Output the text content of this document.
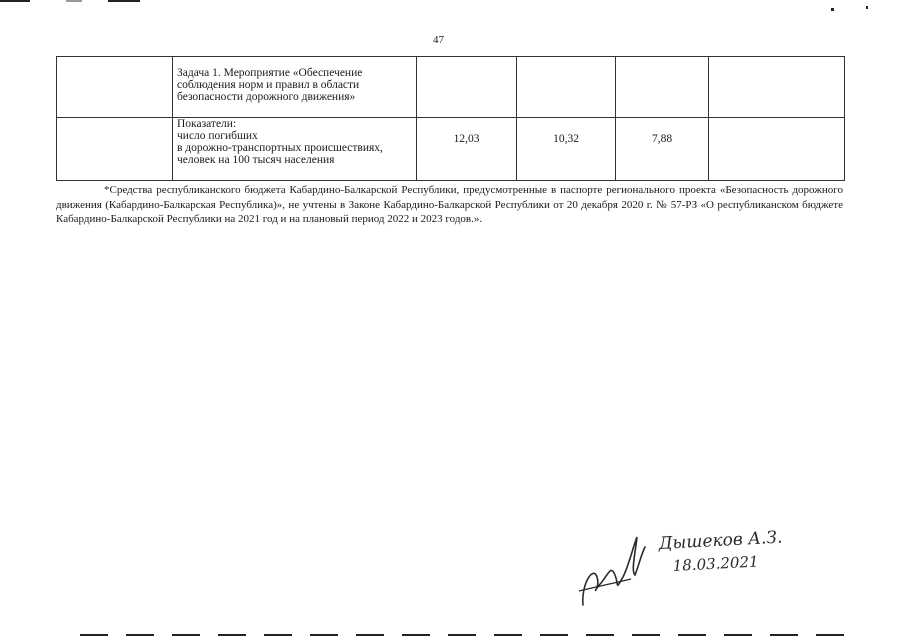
47

	Задача 1. Мероприятие «Обеспечение соблюдения норм и правил в области безопасности дорожного движения»				

	Показатели:
число погибших
в дорожно-транспортных происшествиях,
человек на 100 тысяч населения	12,03	10,32	7,88	
*Средства республиканского бюджета Кабардино-Балкарской Республики, предусмотренные в паспорте регионального проекта «Безопасность дорожного движения (Кабардино-Балкарская Республика)», не учтены в Законе Кабардино-Балкарской Республики от 20 декабря 2020 г. № 57-РЗ «О республиканском бюджете Кабардино-Балкарской Республики на 2021 год и на плановый период 2022 и 2023 годов.».
Дышеков А.З.
18.03.2021
